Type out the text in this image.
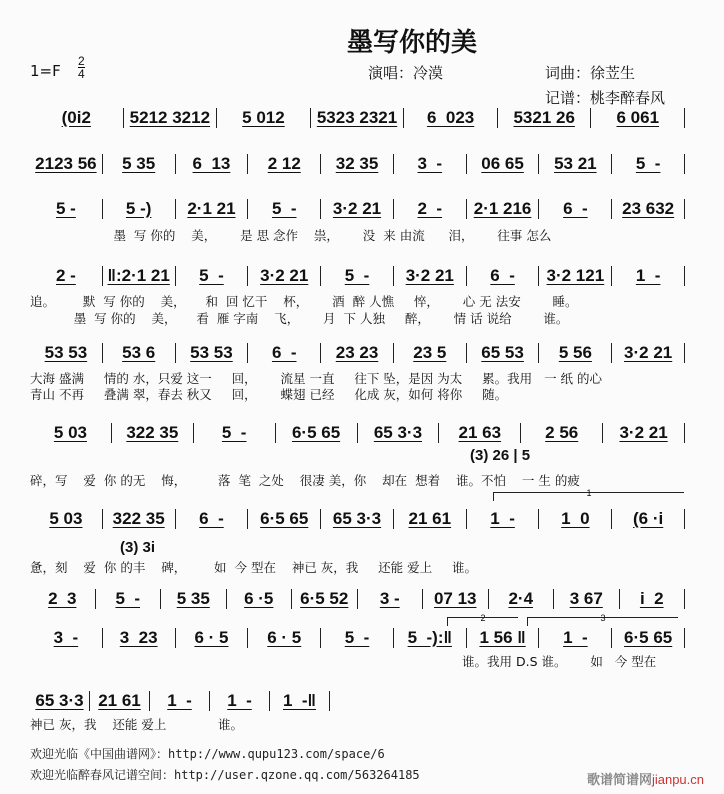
墨写你的美
1=F
2
4	演唱：冷漠	词曲：徐苙生
记谱：桃李醉春风
(0i2	5212 3212	5 012	5323 2321	6  023	5321 26	6 061
2123 56	5 35	6  13	2 12	32 35	3  -	06 65	53 21	5  -
5 -	5 -)	2·1 21	5  -	3·2 21	2  -	2·1 216	6  -	23 632
2 -	‖:2·1 21	5  -	3·2 21	5  -	3·2 21	6  -	3·2 121	1  -
53 53	53 6	53 53	6  -	23 23	23 5	65 53	5 56	3·2 21
5 03	322 35	5  -	6·5 65	65 3·3	21 63	2 56	3·2 21
5 03	322 35	6  -	6·5 65	65 3·3	21 61	1  -	1  0	(6 ·i
2  3	5  -	5 35	6 ·5	6·5 52	3 -	07 13	2·4	3 67	i  2
3  -	3  23	6 · 5	6 · 5	5  -	5  -):‖	1 56 ‖	1  -	6·5 65
65 3·3 21 61	1  -	1  -	1  -‖
墨  写 你的    美，      是 思 念作    祟，      没  来 由流      泪，      往事 怎么
追。       默  写 你的    美，     和  回 忆干    杯，      酒  醉 人憔     悴，      心 无 法安        睡。
墨  写 你的    美，     看  雁 字南    飞，      月  下 人独     醉，      情 话 说给        谁。
大海 盛满     情的 水，只爱 这一     回，      流星 一直     往下 坠，是因 为太     累。我用   一 纸 的心
青山 不再     叠满 翠，春去 秋又     回，      蝶翅 已经     化成 灰，如何 将你     随。
(3) 26 | 5
碎，写    爱  你 的无    悔，        落  笔  之处    很凄 美，你    却在  想着    谁。不怕    一 生 的疲
(3) 3i
惫，刻    爱  你 的丰    碑，       如  今 型在    神已 灰，我     还能 爱上     谁。
谁。我用 D.S 谁。      如   今 型在
神已 灰，我    还能 爱上             谁。
1
2	3
欢迎光临《中国曲谱网》：http://www.qupu123.com/space/6
欢迎光临醉春风记谱空间：http://user.qzone.qq.com/563264185	歌谱简谱网jianpu.cn
